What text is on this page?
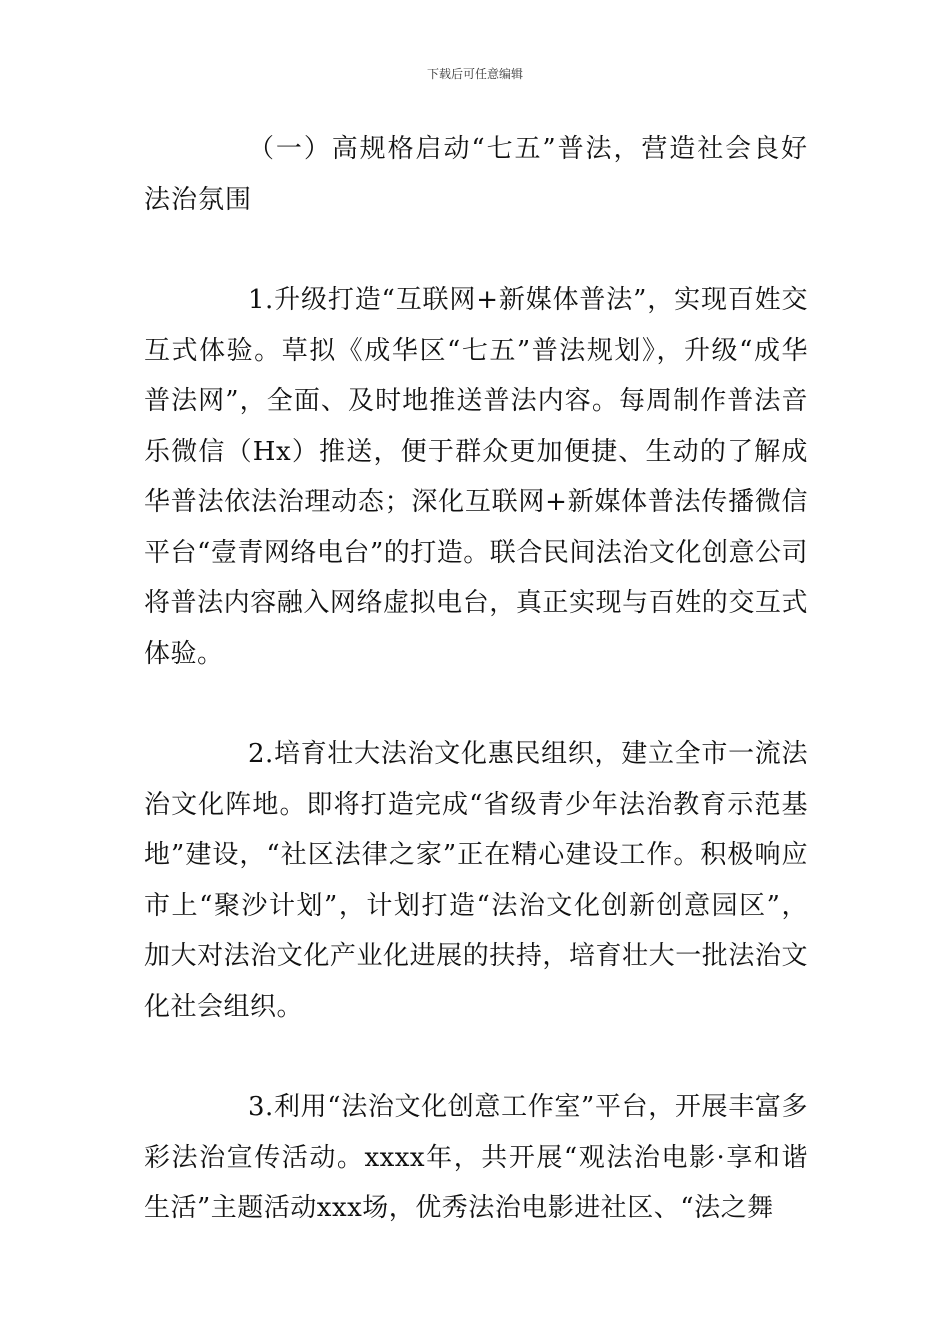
下载后可任意编辑

（一）高规格启动“七五”普法，营造社会良好法治氛围

1.升级打造“互联网+新媒体普法”，实现百姓交互式体验。草拟《成华区“七五”普法规划》，升级“成华普法网”，全面、及时地推送普法内容。每周制作普法音乐微信（Hx）推送，便于群众更加便捷、生动的了解成华普法依法治理动态；深化互联网+新媒体普法传播微信平台“壹青网络电台”的打造。联合民间法治文化创意公司将普法内容融入网络虚拟电台，真正实现与百姓的交互式体验。

2.培育壮大法治文化惠民组织，建立全市一流法治文化阵地。即将打造完成“省级青少年法治教育示范基地”建设，“社区法律之家”正在精心建设工作。积极响应市上“聚沙计划”，计划打造“法治文化创新创意园区”，加大对法治文化产业化进展的扶持，培育壮大一批法治文化社会组织。

3.利用“法治文化创意工作室”平台，开展丰富多彩法治宣传活动。xxxx年，共开展“观法治电影·享和谐生活”主题活动xxx场，优秀法治电影进社区、“法之舞
